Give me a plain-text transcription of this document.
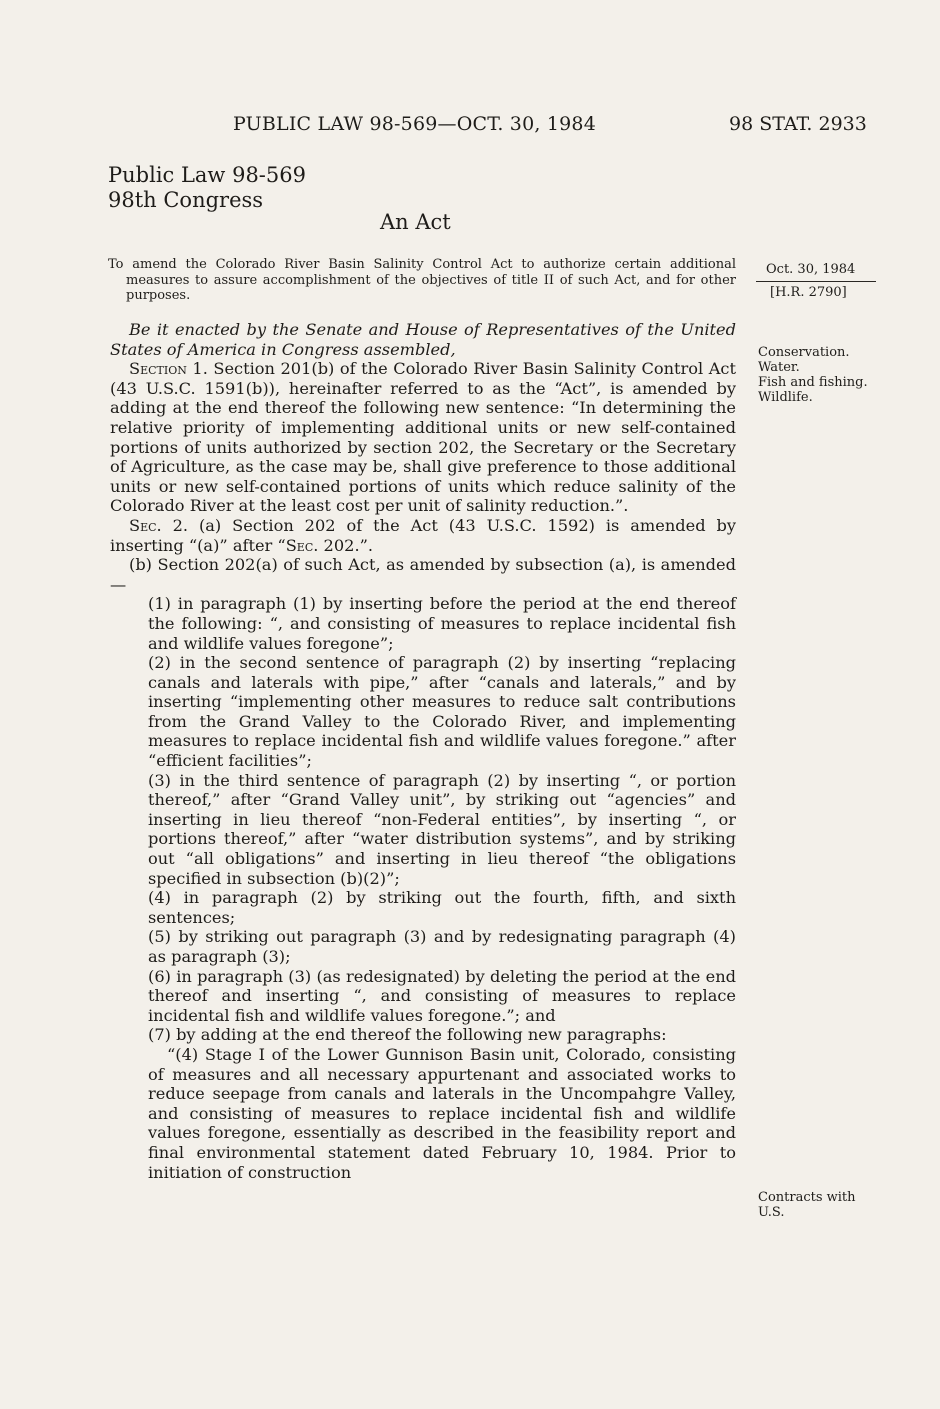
PUBLIC LAW 98-569—OCT. 30, 1984	98 STAT. 2933
Public Law 98-569
98th Congress
An Act
To amend the Colorado River Basin Salinity Control Act to authorize certain additional measures to assure accomplishment of the objectives of title II of such Act, and for other purposes.
Oct. 30, 1984
[H.R. 2790]
Conservation.
Water.
Fish and fishing.
Wildlife.
Contracts with
U.S.

Be it enacted by the Senate and House of Representatives of the United States of America in Congress assembled,

Section 1. Section 201(b) of the Colorado River Basin Salinity Control Act (43 U.S.C. 1591(b)), hereinafter referred to as the “Act”, is amended by adding at the end thereof the following new sentence: “In determining the relative priority of implementing additional units or new self-contained portions of units authorized by section 202, the Secretary or the Secretary of Agriculture, as the case may be, shall give preference to those additional units or new self-contained portions of units which reduce salinity of the Colorado River at the least cost per unit of salinity reduction.”.

Sec. 2. (a) Section 202 of the Act (43 U.S.C. 1592) is amended by inserting “(a)” after “Sec. 202.”.

(b) Section 202(a) of such Act, as amended by subsection (a), is amended—

(1) in paragraph (1) by inserting before the period at the end thereof the following: “, and consisting of measures to replace incidental fish and wildlife values foregone”;

(2) in the second sentence of paragraph (2) by inserting “replacing canals and laterals with pipe,” after “canals and laterals,” and by inserting “implementing other measures to reduce salt contributions from the Grand Valley to the Colorado River, and implementing measures to replace incidental fish and wildlife values foregone.” after “efficient facilities”;

(3) in the third sentence of paragraph (2) by inserting “, or portion thereof,” after “Grand Valley unit”, by striking out “agencies” and inserting in lieu thereof “non-Federal entities”, by inserting “, or portions thereof,” after “water distribution systems”, and by striking out “all obligations” and inserting in lieu thereof “the obligations specified in subsection (b)(2)”;

(4) in paragraph (2) by striking out the fourth, fifth, and sixth sentences;

(5) by striking out paragraph (3) and by redesignating paragraph (4) as paragraph (3);

(6) in paragraph (3) (as redesignated) by deleting the period at the end thereof and inserting “, and consisting of measures to replace incidental fish and wildlife values foregone.”; and

(7) by adding at the end thereof the following new paragraphs:

“(4) Stage I of the Lower Gunnison Basin unit, Colorado, consisting of measures and all necessary appurtenant and associated works to reduce seepage from canals and laterals in the Uncompahgre Valley, and consisting of measures to replace incidental fish and wildlife values foregone, essentially as described in the feasibility report and final environmental statement dated February 10, 1984. Prior to initiation of construction
